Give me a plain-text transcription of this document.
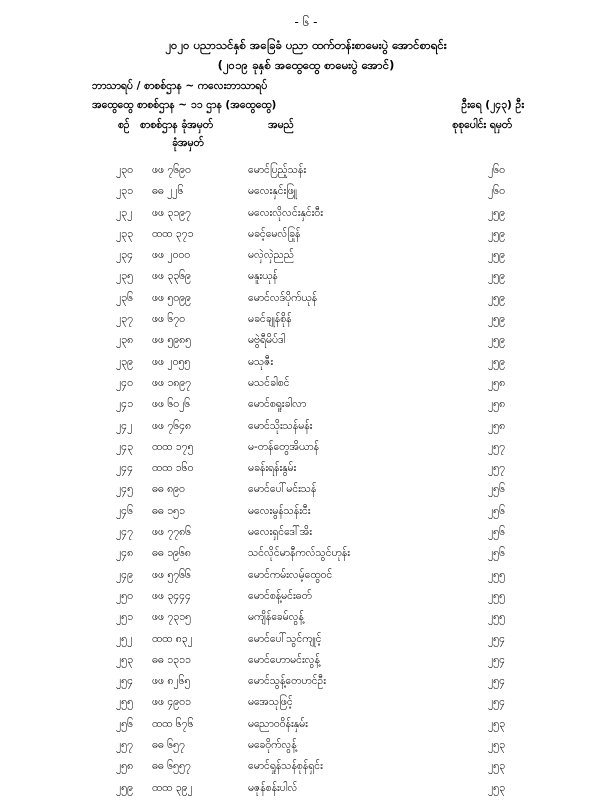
- ၆ -
၂၀၂၀ ပညာသင်နှစ် အခြေခံ ပညာ ထက်တန်းစာမေးပွဲ အောင်စာရင်း
(၂၀၁၉ ခုနှစ် အထွေထွေ စာမေးပွဲ အောင်)
ဘာသာရပ် / စာစစ်ဌာန ~ ကလေးဘာသာရပ်
အထွေထွေ စာစစ်ဌာန ~ ၁၁ ဌာန (အထွေထွေ)	ဦးရေ (၂၄၃) ဦး
စဉ် စာစစ်ဌာန ခုံအမှတ်
ခုံအမှတ်
အမည်	စုစုပေါင်း ရမှတ်
၂၃၀ ဖဖ ၇၆၉၀	မောင်ပြည့်သန်း	၂၆၀
၂၃၁ ဓဓ ၂၂၆	မလေးနှင်းဖြူ	၂၆၀
၂၃၂ ဖဖ ၃၁၉၇	မလေးလိုလင်းနှင်းဝီး	၂၅၉
၂၃၃ ထထ ၃၇၁	မခင့်မေလ်ခြုန်	၂၅၉
၂၃၄ ဖဖ ၂၀၀၀	မလှဲလှဲညည်	၂၅၉
၂၃၅ ဖဖ ၃၃၆၉	မနူးယုန်	၂၅၉
၂၃၆ ဖဖ ၅၀၉၉	မောင်လဒ်ပိုက်ယုန်	၂၅၉
၂၃၇ ဖဖ ၆၇၀	မခင်ချုန်စိုန်	၂၅၉
၂၃၈ ဖဖ ၅၉၈၅	မဗွဲရီမိပ်ဒါ	၂၅၉
၂၃၉ ဖဖ ၂၀၅၅	မသုဇီး	၂၅၉
၂၄၀ ဖဖ ၁၈၉၇	မသင်ခါစင်	၂၅၈
၂၄၁ ဖဖ ၆၀၂၆	မောင်စရူးခါလာ	၂၅၈
၂၄၂ ဖဖ ၇၆၄၈	မောင်သိုးသန်မန်း	၂၅၈
၂၄၃ ထထ ၁၇၅	မ-တန်တွေအိယာန်	၂၅၇
၂၄၄ ထထ ၁၆၀	မခန်းရန်းနွမ်း	၂၅၇
၂၄၅ ဓဓ ၈၉၀	မောင်ပေါ်မင်းသန်	၂၅၆
၂၄၆ ဓဓ ၁၅၁	မလေးမွန်သန်းငီး	၂၅၆
၂၄၇ ဖဖ ၇၇၈၆	မလေးရှင်ဒေါ်အိး	၂၅၆
၂၄၈ ဓဓ ၁၉၆၈	သင်လိုင်မာနီကလ်သွင်ဟုန်း	၂၅၆
၂၄၉ ဖဖ ၅၇၆၆	မောင်ကမ်းလမ့်ထွေဝင်	၂၅၅
၂၅၀ ဖဖ ၃၄၄၄	မောင်စန့်မင်းဓတ်	၂၅၅
၂၅၁ ဖဖ ၇၃၁၅	မကျိန်ခေမ်လွန့်	၂၅၅
၂၅၂ ထထ ၈၃၂	မောင်ပေါ်သွင်ကျုင့်	၂၅၄
၂၅၃ ဓဓ ၁၃၁၁	မောင်ဟောမင်းလွန့်	၂၅၄
၂၅၄ ဖဖ ၈၂၆၅	မောင်သွန့်တေဟင်ဦး	၂၅၄
၂၅၅ ဖဖ ၄၉၀၁	မအေသုဖြင့်	၂၅၄
၂၅၆ ထထ ၆၇၆	မညောဝဝိန်းနှမ်း	၂၅၃
၂၅၇ ဓဓ ၆၅၇	မခေဝိုက်လွန့်	၂၅၃
၂၅၈ ဓဓ ၆၅၅၇	မောင်ရှုန်သန်စုန်ရှင်း	၂၅၃
၂၅၉ ထထ ၃၉၂	မဇုန်စန်းပါလ်	၂၅၃
